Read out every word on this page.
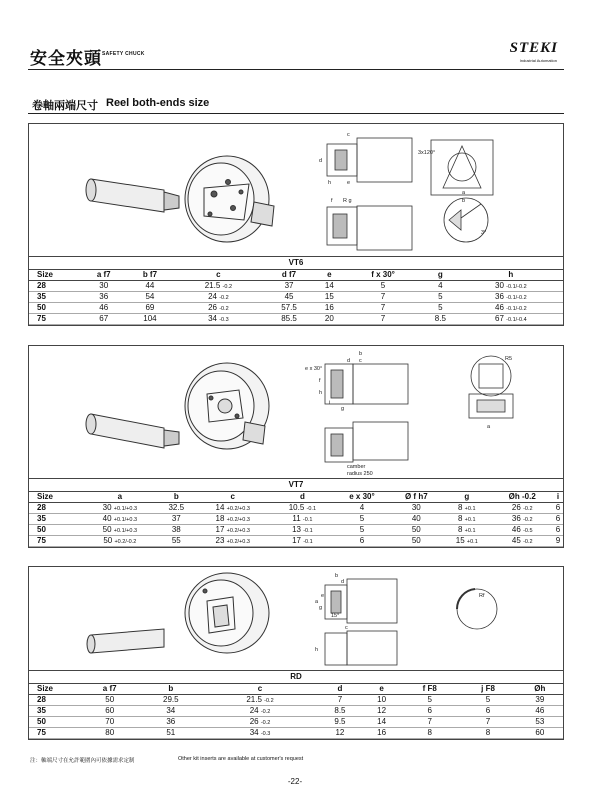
安全夾頭 SAFETY CHUCK	STEKI
Industrial Automation
卷軸兩端尺寸 Reel both-ends size
c
d
3x120°
e
h
f R g
a
b
3°
VT6								
Size	a f7	b f7	c	d f7	e	f x 30°	g	h
28	30	44	21.5 -0.2	37	14	5	4	30 -0.1/-0.2
35	36	54	24 -0.2	45	15	7	5	36 -0.1/-0.2
50	46	69	26 -0.2	57.5	16	7	5	46 -0.1/-0.2
75	67	104	34 -0.3	85.5	20	7	8.5	67 -0.1/-0.4
b
d c
e x 30°
f
h
i
g
R5
a
camber
radius 250
VT7									
Size	a	b	c	d	e x 30°	Ø f h7	g	Øh -0.2	i
28	30 +0.1/+0.3	32.5	14 +0.2/+0.3	10.5 -0.1	4	30	8 +0.1	26 -0.2	6
35	40 +0.1/+0.3	37	18 +0.2/+0.3	11 -0.1	5	40	8 +0.1	36 -0.2	6
50	50 +0.1/+0.3	38	17 +0.2/+0.3	13 -0.1	5	50	8 +0.1	46 -0.5	6
75	50 +0.2/-0.2	55	23 +0.2/+0.3	17 -0.1	6	50	15 +0.1	45 -0.2	9
b
d
e
a
g
15°
c
h
Rf
RD								
Size	a f7	b	c	d	e	f F8	j F8	Øh
28	50	29.5	21.5 -0.2	7	10	5	5	39
35	60	34	24 -0.2	8.5	12	6	6	46
50	70	36	26 -0.2	9.5	14	7	7	53
75	80	51	34 -0.3	12	16	8	8	60
注：軸端尺寸在允許範圍內可依據需求定制	Other kit inserts are available at customer's request
-22-
